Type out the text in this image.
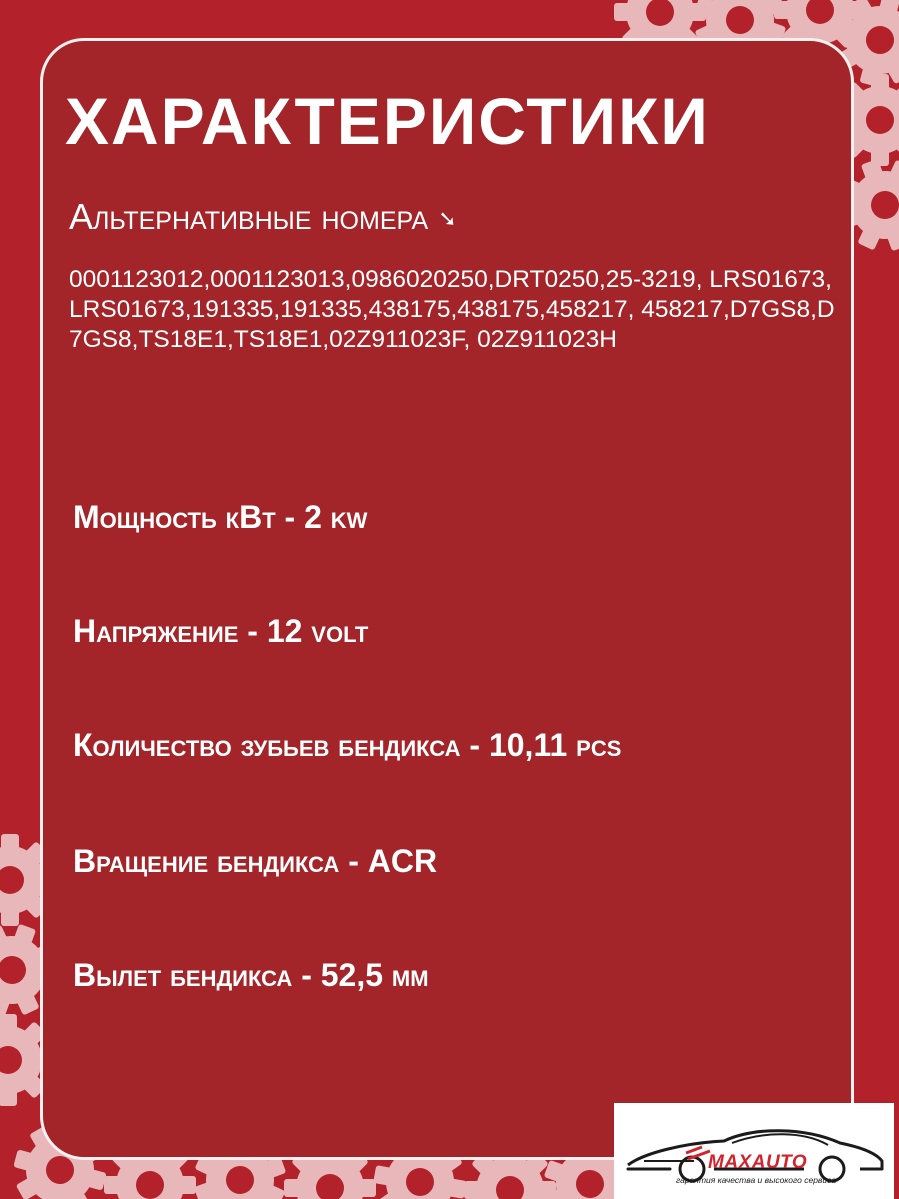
ХАРАКТЕРИСТИКИ
Альтернативные номера ➘
0001123012,0001123013,0986020250,DRT0250,25-3219, LRS01673,LRS01673,191335,191335,438175,438175,458217, 458217,D7GS8,D7GS8,TS18E1,TS18E1,02Z911023F, 02Z911023H
Мощность кВт - 2 kw
Напряжение - 12 volt
Количество зубьев бендикса - 10,11 pcs
Вращение бендикса - ACR
Вылет бендикса - 52,5 мм
MAXAUTO
гарантия качества и высокого сервиса
